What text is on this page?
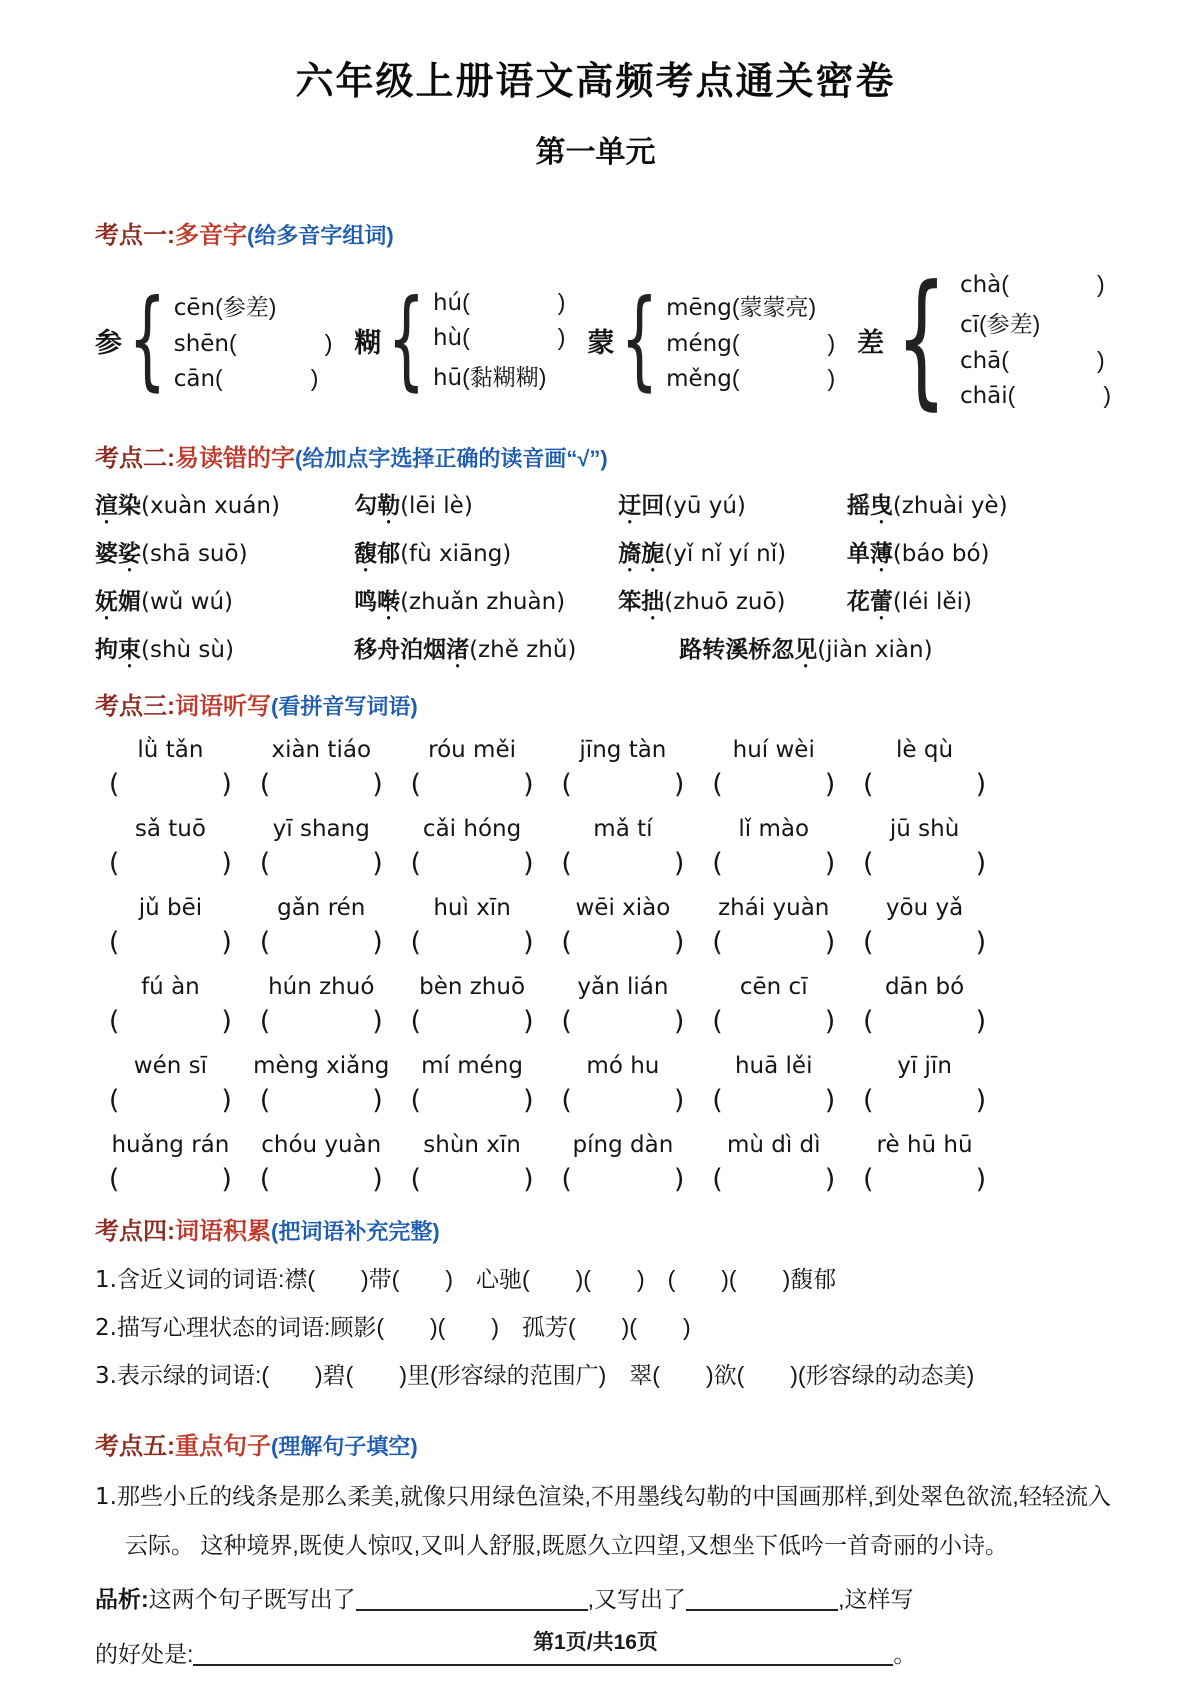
六年级上册语文高频考点通关密卷
第一单元
考点一:多音字(给多音字组词)
参 { cēn(参差)
shēn(	)
cān(	)
糊 { hú(	)
hù(	)
hū(黏糊糊)
蒙 { mēng(蒙蒙亮)
méng(	)
měng(	)
差 { chà(	)
cī(参差)
chā(	)
chāi(	)
考点二:易读错的字(给加点字选择正确的读音画“√”)
渲染(xuàn xuán)	勾勒(lēi lè)	迂回(yū yú)	摇曳(zhuài yè)
婆娑(shā suō)	馥郁(fù xiāng)	旖旎(yǐ nǐ yí nǐ)	单薄(báo bó)
妩媚(wǔ wú)	鸣啭(zhuǎn zhuàn)	笨拙(zhuō zuō)	花蕾(léi lěi)
拘束(shù sù)	移舟泊烟渚(zhě zhǔ)	路转溪桥忽见(jiàn xiàn)
考点三:词语听写(看拼音写词语)
lǜ tǎn	xiàn tiáo	róu měi	jīng tàn	huí wèi	lè qù
(	)	(	)	(	)	(	)	(	)	(	)
sǎ tuō	yī shang	cǎi hóng	mǎ tí	lǐ mào	jū shù
(	)	(	)	(	)	(	)	(	)	(	)
jǔ bēi	gǎn rén	huì xīn	wēi xiào	zhái yuàn	yōu yǎ
(	)	(	)	(	)	(	)	(	)	(	)
fú àn	hún zhuó	bèn zhuō	yǎn lián	cēn cī	dān bó
(	)	(	)	(	)	(	)	(	)	(	)
wén sī	mèng xiǎng	mí méng	mó hu	huā lěi	yī jīn
(	)	(	)	(	)	(	)	(	)	(	)
huǎng rán	chóu yuàn	shùn xīn	píng dàn	mù dì dì	rè hū hū
(	)	(	)	(	)	(	)	(	)	(	)
考点四:词语积累(把词语补充完整)
1.含近义词的词语:襟(　　)带(　　)　心驰(　　)(　　)　(　　)(　　)馥郁
2.描写心理状态的词语:顾影(　　)(　　)　孤芳(　　)(　　)
3.表示绿的词语:(　　)碧(　　)里(形容绿的范围广)　翠(　　)欲(　　)(形容绿的动态美)
考点五:重点句子(理解句子填空)
1.那些小丘的线条是那么柔美,就像只用绿色渲染,不用墨线勾勒的中国画那样,到处翠色欲流,轻轻流入云际。 这种境界,既使人惊叹,又叫人舒服,既愿久立四望,又想坐下低吟一首奇丽的小诗。
品析:这两个句子既写出了	,又写出了	,这样写
的好处是:	。
第1页/共16页
